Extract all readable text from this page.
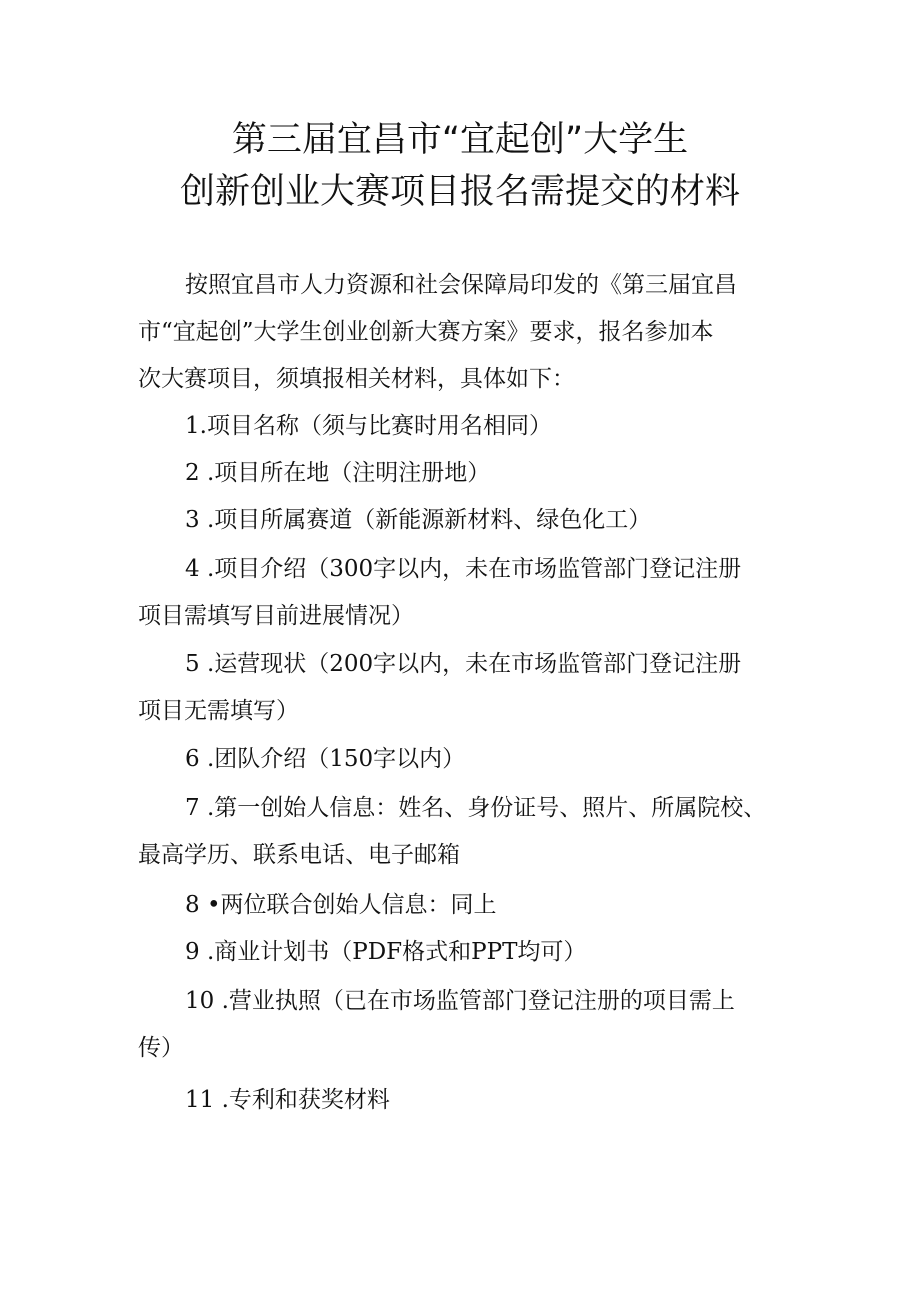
第三届宜昌市“宜起创”大学生
创新创业大赛项目报名需提交的材料
按照宜昌市人力资源和社会保障局印发的《第三届宜昌
市“宜起创”大学生创业创新大赛方案》要求，报名参加本
次大赛项目，须填报相关材料，具体如下：
1.项目名称（须与比赛时用名相同）
2 .项目所在地（注明注册地）
3 .项目所属赛道（新能源新材料、绿色化工）
4 .项目介绍（300字以内，未在市场监管部门登记注册
项目需填写目前进展情况）
5 .运营现状（200字以内，未在市场监管部门登记注册
项目无需填写）
6 .团队介绍（150字以内）
7 .第一创始人信息：姓名、身份证号、照片、所属院校、
最高学历、联系电话、电子邮箱
8 •两位联合创始人信息：同上
9 .商业计划书（PDF格式和PPT均可）
10 .营业执照（已在市场监管部门登记注册的项目需上
传）
11 .专利和获奖材料
